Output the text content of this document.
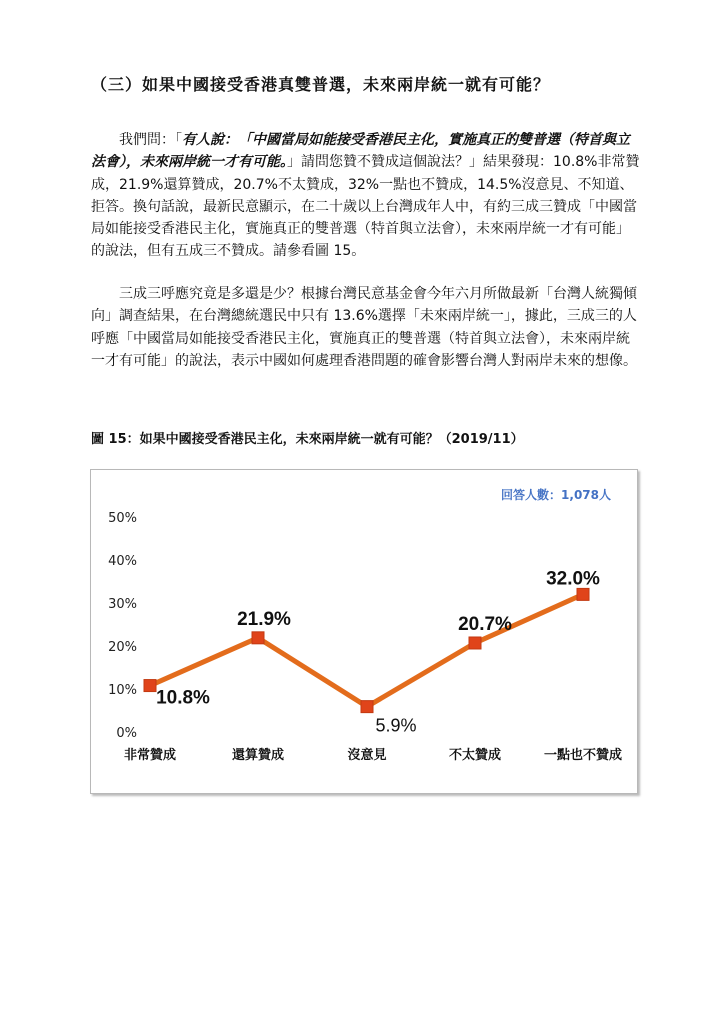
（三）如果中國接受香港真雙普選，未來兩岸統一就有可能？

我們問：「有人說：「中國當局如能接受香港民主化，實施真正的雙普選（特首與立法會），未來兩岸統一才有可能。」請問您贊不贊成這個說法？」結果發現：10.8%非常贊成，21.9%還算贊成，20.7%不太贊成，32%一點也不贊成，14.5%沒意見、不知道、拒答。換句話說，最新民意顯示，在二十歲以上台灣成年人中，有約三成三贊成「中國當局如能接受香港民主化，實施真正的雙普選（特首與立法會），未來兩岸統一才有可能」的說法，但有五成三不贊成。請參看圖 15。

三成三呼應究竟是多還是少？根據台灣民意基金會今年六月所做最新「台灣人統獨傾向」調查結果，在台灣總統選民中只有 13.6%選擇「未來兩岸統一」，據此，三成三的人呼應「中國當局如能接受香港民主化，實施真正的雙普選（特首與立法會），未來兩岸統一才有可能」的說法，表示中國如何處理香港問題的確會影響台灣人對兩岸未來的想像。

圖 15：如果中國接受香港民主化，未來兩岸統一就有可能？（2019/11）
0%
10%
20%
30%
40%
50%
非常贊成	還算贊成	沒意見	不太贊成	一點也不贊成
回答人數：1,078人
10.8%
21.9%
5.9%
20.7%
32.0%
